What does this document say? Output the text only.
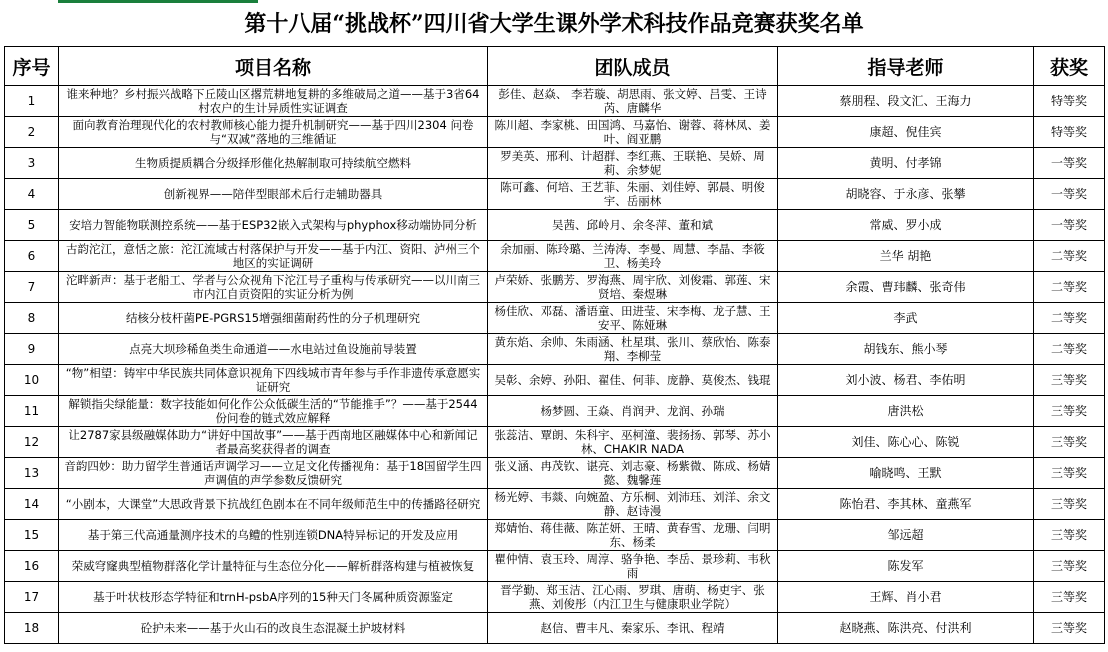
第十八届“挑战杯”四川省大学生课外学术科技作品竞赛获奖名单
序号	项目名称	团队成员	指导老师	获奖
1	谁来种地？乡村振兴战略下丘陵山区撂荒耕地复耕的多维破局之道——基于3省64村农户的生计异质性实证调查	彭佳、赵焱、 李若璇、胡思雨、张文婷、吕雯、王诗芮、唐麟华	蔡朋程、段文汇、王海力	特等奖
2	面向教育治理现代化的农村教师核心能力提升机制研究——基于四川2304 问卷与“双减”落地的三维循证	陈川超、李家桃、田国鸿、马嘉怡、谢蓉、蒋林凤、姜叶、阎亚鹏	康超、倪佳宾	特等奖
3	生物质提质耦合分级择形催化热解制取可持续航空燃料	罗美英、邢利、计超群、李红燕、王联艳、吴娇、周莉、余梦妮	黄明、付孝锦	一等奖
4	创新视界——陪伴型眼部术后行走辅助器具	陈可鑫、何培、王艺菲、朱丽、刘佳婷、郭晨、明俊宇、岳丽林	胡晓容、于永彦、张攀	一等奖
5	安培力智能物联测控系统——基于ESP32嵌入式架构与phyphox移动端协同分析	吴茜、邱岭月、余冬萍、董和斌	常威、罗小成	一等奖
6	古韵沱江，意恬之旅：沱江流域古村落保护与开发——基于内江、资阳、泸州三个地区的实证调研	余加丽、陈玲璐、兰涛涛、李曼、周慧、李晶、李筱卫、杨美玲	兰华 胡艳	二等奖
7	沱畔新声：基于老船工、学者与公众视角下沱江号子重构与传承研究——以川南三市内江自贡资阳的实证分析为例	卢荣娇、张鹏芳、罗海燕、周宇欣、刘俊霜、郭莲、宋贤培、秦煜琳	余霞、曹玮麟、张奇伟	二等奖
8	结核分枝杆菌PE-PGRS15增强细菌耐药性的分子机理研究	杨佳欣、邓磊、潘语童、田进莹、宋李梅、龙子慧、王安平、陈娅琳	李武	二等奖
9	点亮大坝珍稀鱼类生命通道——水电站过鱼设施前导装置	黄东焰、余帅、朱雨涵、杜星琪、张川、蔡欣怡、陈泰翔、李柳莹	胡钱东、熊小琴	二等奖
10	“物”相望：铸牢中华民族共同体意识视角下四线城市青年参与手作非遗传承意愿实证研究	吴彰、余婷、孙阳、翟佳、何菲、庞静、莫俊杰、钱琨	刘小波、杨君、李佑明	三等奖
11	解锁指尖绿能量：数字技能如何化作公众低碳生活的“节能推手”？——基于2544份问卷的链式效应解释	杨梦圆、王焱、肖润尹、龙润、孙瑞	唐洪松	三等奖
12	让2787家县级融媒体助力“讲好中国故事”——基于西南地区融媒体中心和新闻记者最高奖获得者的调查	张蕊洁、覃朗、朱科宇、巫柯潼、裴扬扬、郭琴、苏小林、CHAKIR NADA	刘佳、陈心心、陈锐	三等奖
13	音韵四妙：助力留学生普通话声调学习——立足文化传播视角：基于18国留学生四声调值的声学参数反馈研究	张义涵、冉茂钦、谌亮、刘志豪、杨紫微、陈成、杨婧懿、魏馨莲	喻晓鸣、王默	三等奖
14	“小剧本，大课堂”大思政背景下抗战红色剧本在不同年级师范生中的传播路径研究	杨光婷、韦燚、向婉盈、方乐桐、刘沛珏、刘洋、余文静、赵诗漫	陈怡君、李其林、童燕军	三等奖
15	基于第三代高通量测序技术的乌鳢的性别连锁DNA特异标记的开发及应用	郑婧怡、蒋佳薇、陈芷妍、王晴、黄春雪、龙珊、闫明东、杨柔	邹远超	三等奖
16	荣威穹窿典型植物群落化学计量特征与生态位分化——解析群落构建与植被恢复	瞿仲情、袁玉玲、周淳、骆争艳、李岳、景珍莉、韦秋雨	陈发军	三等奖
17	基于叶状枝形态学特征和trnH-psbA序列的15种天门冬属种质资源鉴定	晋学勤、郑玉洁、江心雨、罗琪、唐萌、杨吏宇、张燕、刘俊彤（内江卫生与健康职业学院）	王辉、肖小君	三等奖
18	砼护未来——基于火山石的改良生态混凝土护坡材料	赵信、曹丰凡、秦家乐、李讯、程靖	赵晓燕、陈洪亮、付洪利	三等奖
